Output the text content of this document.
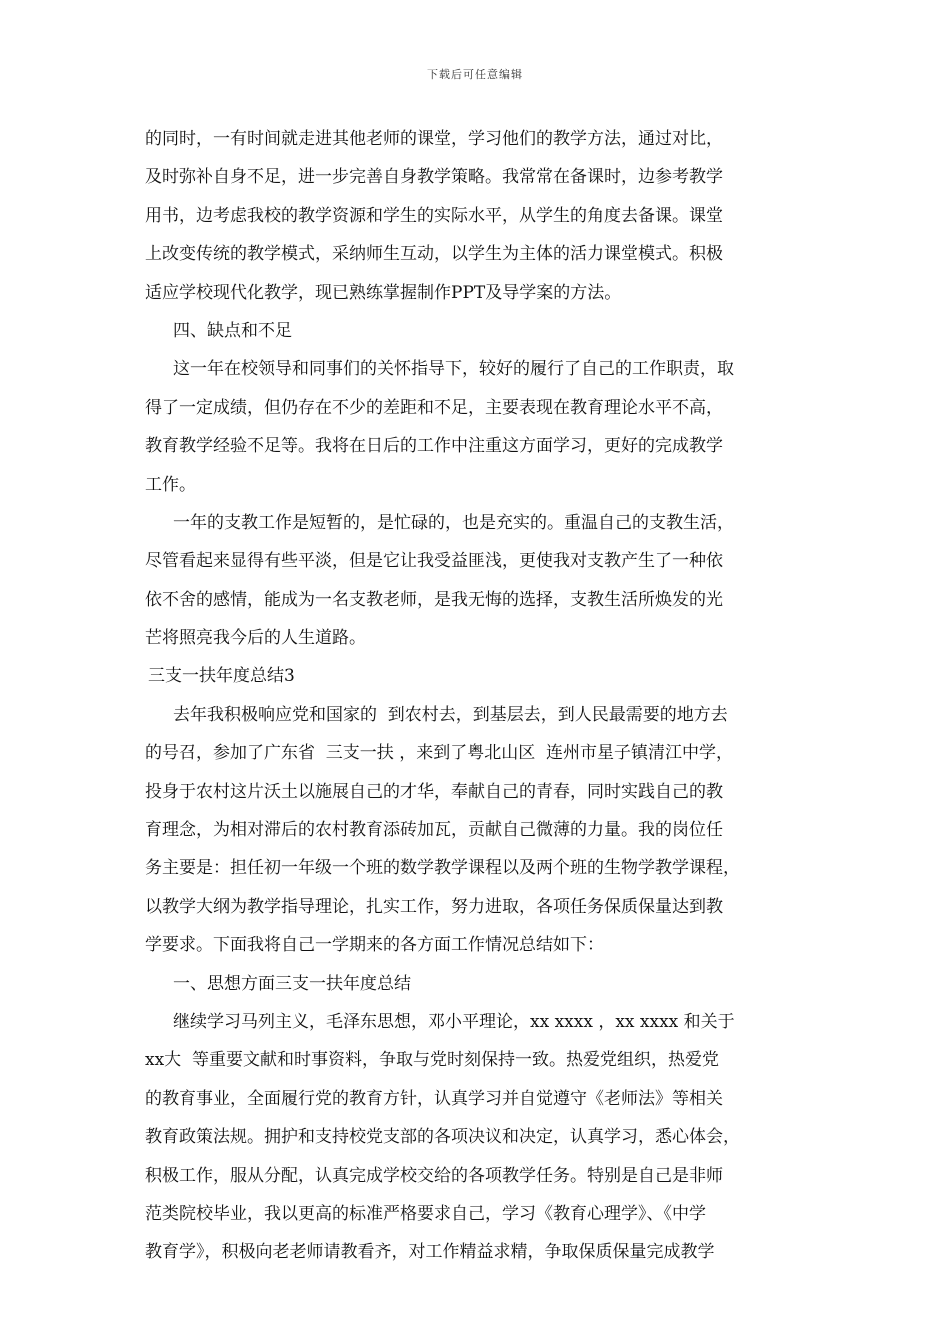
下载后可任意编辑
的同时，一有时间就走进其他老师的课堂，学习他们的教学方法，通过对比，
及时弥补自身不足，进一步完善自身教学策略。我常常在备课时，边参考教学
用书，边考虑我校的教学资源和学生的实际水平，从学生的角度去备课。课堂
上改变传统的教学模式，采纳师生互动，以学生为主体的活力课堂模式。积极
适应学校现代化教学，现已熟练掌握制作PPT及导学案的方法。
四、缺点和不足
这一年在校领导和同事们的关怀指导下，较好的履行了自己的工作职责，取
得了一定成绩，但仍存在不少的差距和不足，主要表现在教育理论水平不高，
教育教学经验不足等。我将在日后的工作中注重这方面学习，更好的完成教学
工作。
一年的支教工作是短暂的，是忙碌的，也是充实的。重温自己的支教生活，
尽管看起来显得有些平淡，但是它让我受益匪浅，更使我对支教产生了一种依
依不舍的感情，能成为一名支教老师，是我无悔的选择，支教生活所焕发的光
芒将照亮我今后的人生道路。
三支一扶年度总结3
去年我积极响应党和国家的  到农村去，到基层去，到人民最需要的地方去
的号召，参加了广东省  三支一扶 ，来到了粤北山区  连州市星子镇清江中学，
投身于农村这片沃土以施展自己的才华，奉献自己的青春，同时实践自己的教
育理念，为相对滞后的农村教育添砖加瓦，贡献自己微薄的力量。我的岗位任
务主要是：担任初一年级一个班的数学教学课程以及两个班的生物学教学课程，
以教学大纲为教学指导理论，扎实工作，努力进取，各项任务保质保量达到教
学要求。下面我将自己一学期来的各方面工作情况总结如下：
一、思想方面三支一扶年度总结
继续学习马列主义，毛泽东思想，邓小平理论，xx xxxx ，xx xxxx 和关于
xx大  等重要文献和时事资料，争取与党时刻保持一致。热爱党组织，热爱党
的教育事业，全面履行党的教育方针，认真学习并自觉遵守《老师法》等相关
教育政策法规。拥护和支持校党支部的各项决议和决定，认真学习，悉心体会，
积极工作，服从分配，认真完成学校交给的各项教学任务。特别是自己是非师
范类院校毕业，我以更高的标准严格要求自己，学习《教育心理学》、《中学
教育学》，积极向老老师请教看齐，对工作精益求精，争取保质保量完成教学
